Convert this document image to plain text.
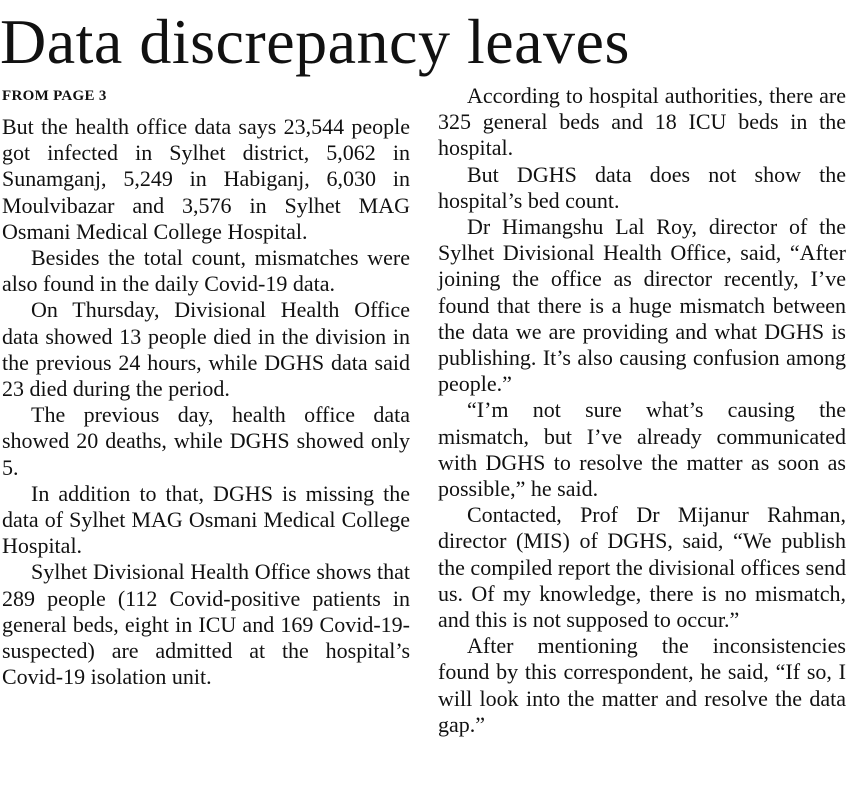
Data discrepancy leaves
FROM PAGE 3

But the health office data says 23,544 people got infected in Sylhet district, 5,062 in Sunamganj, 5,249 in Habiganj, 6,030 in Moulvibazar and 3,576 in Sylhet MAG Osmani Medical College Hospital.

Besides the total count, mismatches were also found in the daily Covid-19 data.

On Thursday, Divisional Health Office data showed 13 people died in the division in the previous 24 hours, while DGHS data said 23 died during the period.

The previous day, health office data showed 20 deaths, while DGHS showed only 5.

In addition to that, DGHS is missing the data of Sylhet MAG Osmani Medical College Hospital.

Sylhet Divisional Health Office shows that 289 people (112 Covid-positive patients in general beds, eight in ICU and 169 Covid-19-suspected) are admitted at the hospital’s Covid-19 isolation unit.

According to hospital authorities, there are 325 general beds and 18 ICU beds in the hospital.

But DGHS data does not show the hospital’s bed count.

Dr Himangshu Lal Roy, director of the Sylhet Divisional Health Office, said, “After joining the office as director recently, I’ve found that there is a huge mismatch between the data we are providing and what DGHS is publishing. It’s also causing confusion among people.”

“I’m not sure what’s causing the mismatch, but I’ve already communicated with DGHS to resolve the matter as soon as possible,” he said.

Contacted, Prof Dr Mijanur Rahman, director (MIS) of DGHS, said, “We publish the compiled report the divisional offices send us. Of my knowledge, there is no mismatch, and this is not supposed to occur.”

After mentioning the inconsistencies found by this correspondent, he said, “If so, I will look into the matter and resolve the data gap.”
